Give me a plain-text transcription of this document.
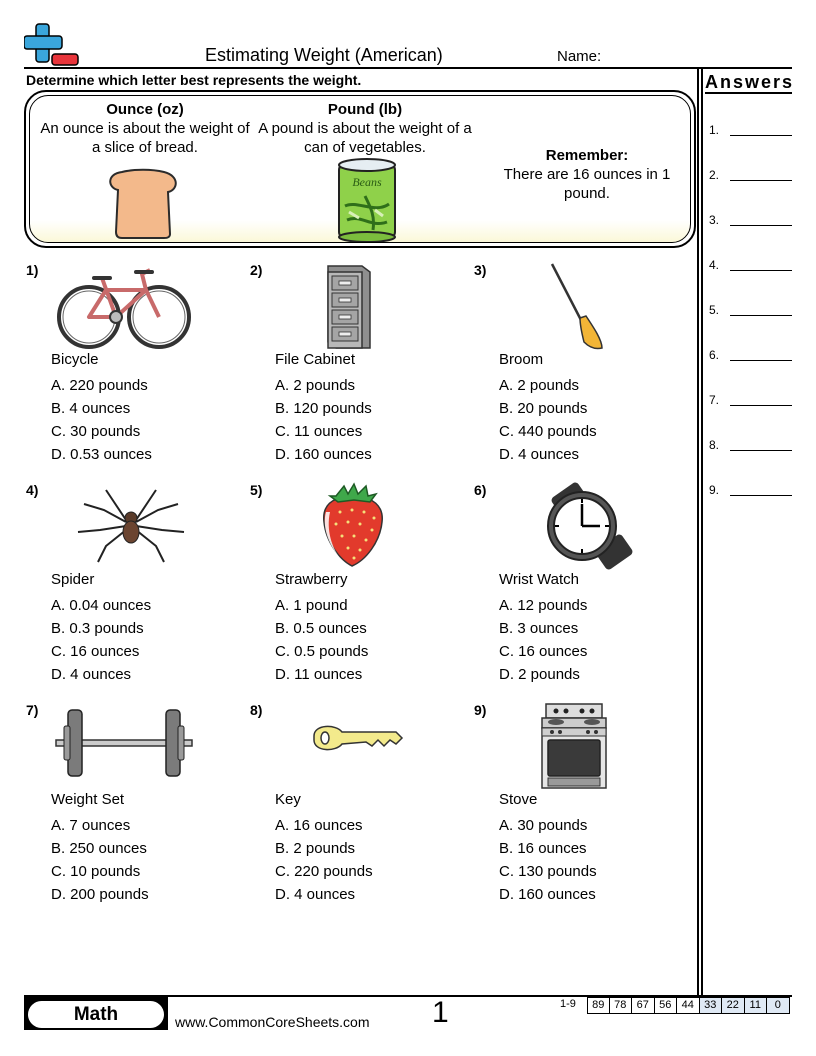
Estimating Weight (American)	Name:
Determine which letter best represents the weight.
Ounce (oz)
An ounce is about the weight of a slice of bread.
Pound (lb)
A pound is about the weight of a can of vegetables.	Remember:
There are 16 ounces in 1 pound.
Beans
Answers
1.
2.
3.
4.
5.
6.
7.
8.
9.
1)
Bicycle
A. 220 pounds
B. 4 ounces
C. 30 pounds
D. 0.53 ounces
2)
File Cabinet
A. 2 pounds
B. 120 pounds
C. 11 ounces
D. 160 ounces
3)
Broom
A. 2 pounds
B. 20 pounds
C. 440 pounds
D. 4 ounces
4)
Spider
A. 0.04 ounces
B. 0.3 pounds
C. 16 ounces
D. 4 ounces
5)
Strawberry
A. 1 pound
B. 0.5 ounces
C. 0.5 pounds
D. 11 ounces
6)
Wrist Watch
A. 12 pounds
B. 3 ounces
C. 16 ounces
D. 2 pounds
7)
Weight Set
A. 7 ounces
B. 250 ounces
C. 10 pounds
D. 200 pounds
8)
Key
A. 16 ounces
B. 2 pounds
C. 220 pounds
D. 4 ounces
9)
Stove
A. 30 pounds
B. 16 ounces
C. 130 pounds
D. 160 ounces
Math	www.CommonCoreSheets.com 1	1-9	89 78 67 56 44 33 22 11	0
